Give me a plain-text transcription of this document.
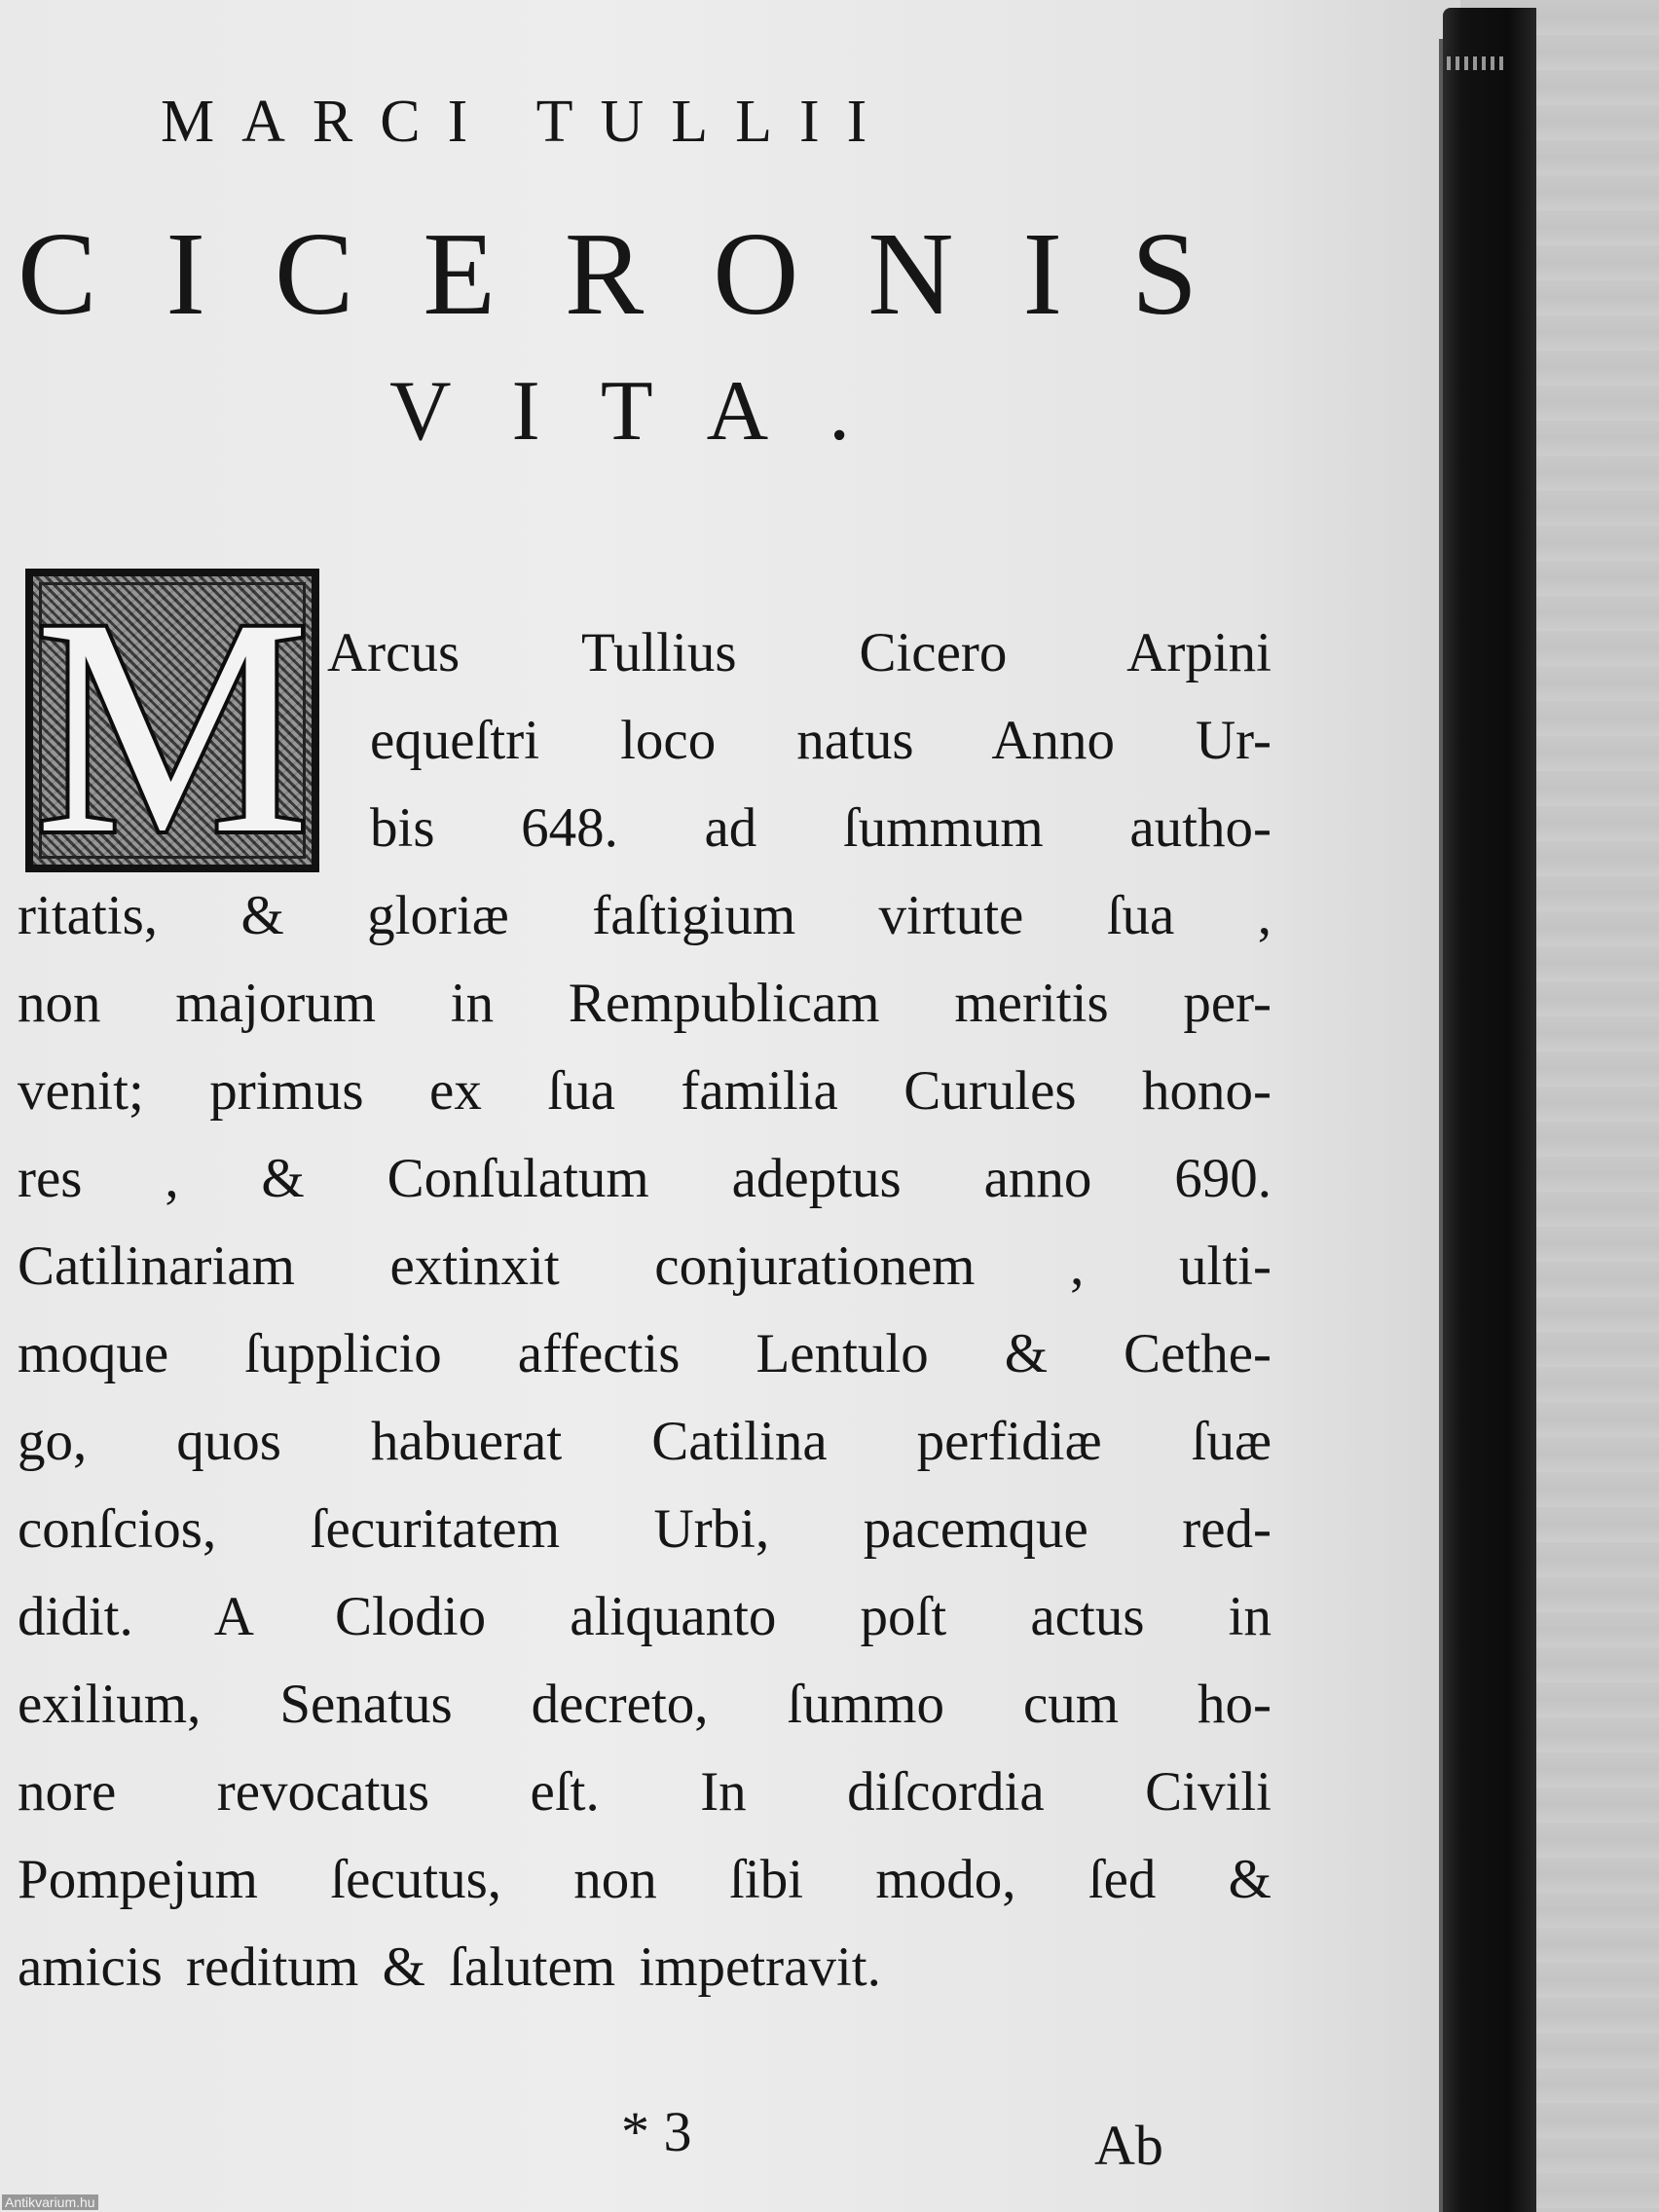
MARCI TULLII
CICERONIS
VITA.
M Arcus Tullius Cicero Arpini

equeſtri loco natus Anno Ur-

bis 648. ad ſummum autho-

ritatis, & gloriæ faſtigium virtute ſua ,

non majorum in Rempublicam meritis per-

venit; primus ex ſua familia Curules hono-

res , & Conſulatum adeptus anno 690.

Catilinariam extinxit conjurationem , ulti-

moque ſupplicio affectis Lentulo & Cethe-

go, quos habuerat Catilina perfidiæ ſuæ

conſcios, ſecuritatem Urbi, pacemque red-

didit. A Clodio aliquanto poſt actus in

exilium, Senatus decreto, ſummo cum ho-

nore revocatus eſt. In diſcordia Civili

Pompejum ſecutus, non ſibi modo, ſed &

amicis reditum & ſalutem impetravit.

* 3	Ab
Antikvarium.hu
